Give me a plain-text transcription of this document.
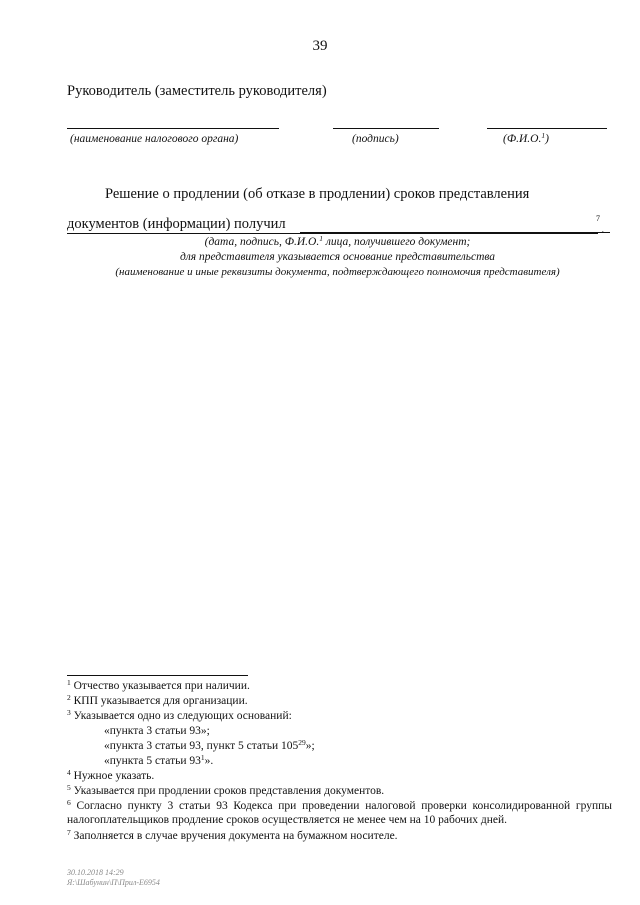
39
Руководитель (заместитель руководителя)
(наименование налогового органа)	(подпись)	(Ф.И.О.$^1$)
Решение о продлении (об отказе в продлении) сроков представления
документов (информации) получил	7
.
(дата, подпись, Ф.И.О.$^1$ лица, получившего документ;
для представителя указывается основание представительства
(наименование и иные реквизиты документа, подтверждающего полномочия представителя)
$^1$ Отчество указывается при наличии.
$^2$ КПП указывается для организации.
$^3$ Указывается одно из следующих оснований:
«пункта 3 статьи 93»;
«пункта 3 статьи 93, пункт 5 статьи $105^{29}$»;
«пункта 5 статьи $93^1$».
$^4$ Нужное указать.
$^5$ Указывается при продлении сроков представления документов.
$^6$ Согласно пункту 3 статьи 93 Кодекса при проведении налоговой проверки консолидированной группы налогоплательщиков продление сроков осуществляется не менее чем на 10 рабочих дней.
$^7$ Заполняется в случае вручения документа на бумажном носителе.
30.10.2018 14:29
Я:\Шабунин\П\Прил-Е6954
